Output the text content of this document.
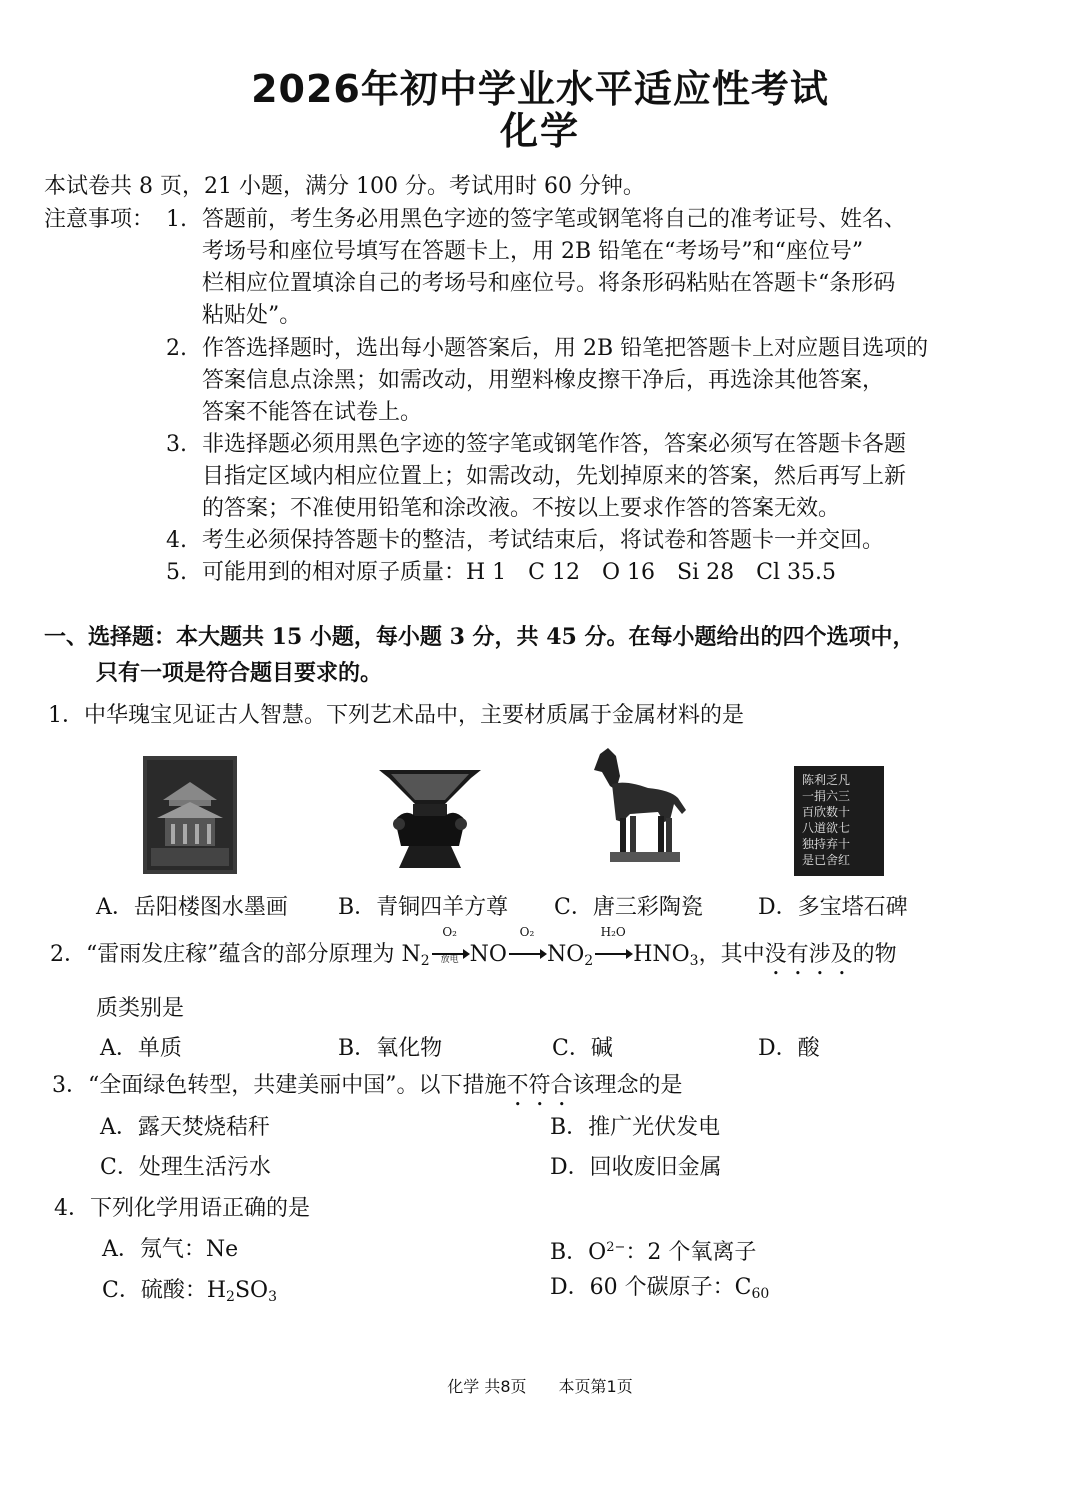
2026年初中学业水平适应性考试
化学
本试卷共 8 页，21 小题，满分 100 分。考试用时 60 分钟。
注意事项： 1. 答题前，考生务必用黑色字迹的签字笔或钢笔将自己的准考证号、姓名、
考场号和座位号填写在答题卡上，用 2B 铅笔在“考场号”和“座位号”
栏相应位置填涂自己的考场号和座位号。将条形码粘贴在答题卡“条形码
粘贴处”。
2. 作答选择题时，选出每小题答案后，用 2B 铅笔把答题卡上对应题目选项的
答案信息点涂黑；如需改动，用塑料橡皮擦干净后，再选涂其他答案，
答案不能答在试卷上。
3. 非选择题必须用黑色字迹的签字笔或钢笔作答，答案必须写在答题卡各题
目指定区域内相应位置上；如需改动，先划掉原来的答案，然后再写上新
的答案；不准使用铅笔和涂改液。不按以上要求作答的答案无效。
4. 考生必须保持答题卡的整洁，考试结束后，将试卷和答题卡一并交回。
5. 可能用到的相对原子质量：H 1　C 12　O 16　Si 28　Cl 35.5
一、选择题：本大题共 15 小题，每小题 3 分，共 45 分。在每小题给出的四个选项中，
只有一项是符合题目要求的。
1．中华瑰宝见证古人智慧。下列艺术品中，主要材质属于金属材料的是
陈利乏凡
一捐六三
百欣数十
八道欲七
独持弃十
是已舍红
A．岳阳楼图水墨画 B．青铜四羊方尊 C．唐三彩陶瓷	D．多宝塔石碑
2．“雷雨发庄稼”蕴含的部分原理为 $N_2$
O₂
放电 NO
O₂
$NO_2$
H₂O
$HNO_3$，其中没有涉及的物
质类别是
A．单质	B．氧化物	C．碱	D．酸
3．“全面绿色转型，共建美丽中国”。以下措施不符合该理念的是
A．露天焚烧秸秆	B．推广光伏发电
C．处理生活污水	D．回收废旧金属
4．下列化学用语正确的是
A．氖气：Ne	B．$O^{2-}$：2 个氧离子
C．硫酸：$H_2SO_3$	D．60 个碳原子：$C_{60}$
化学 共8页　　本页第1页
